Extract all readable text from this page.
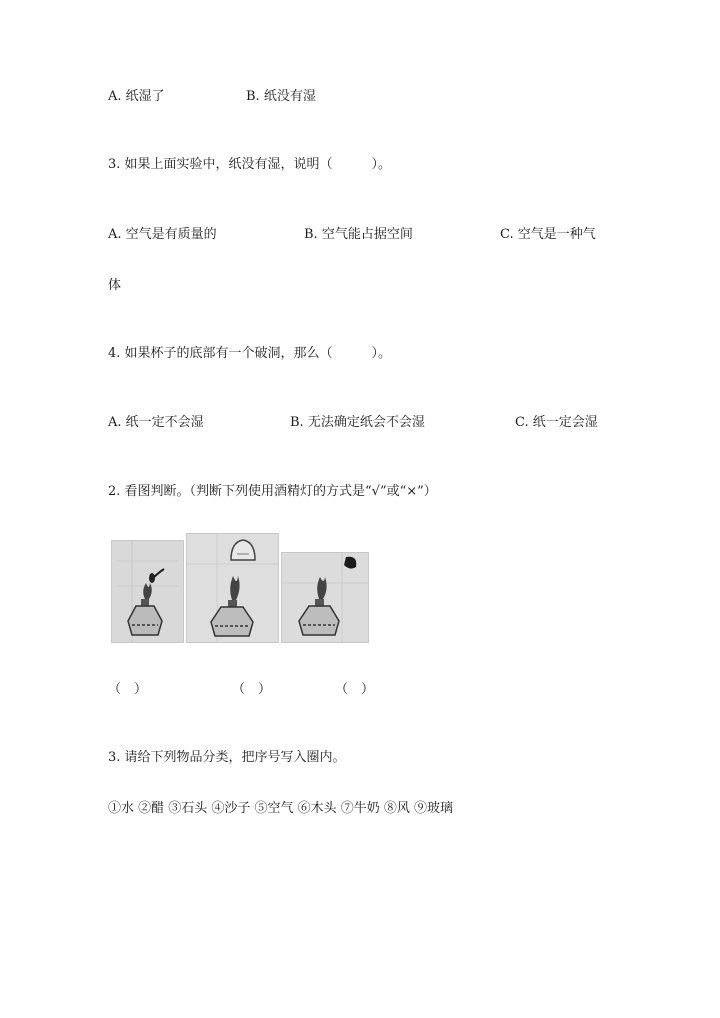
A. 纸湿了	B. 纸没有湿
3. 如果上面实验中，纸没有湿，说明（　　　）。
A. 空气是有质量的	B. 空气能占据空间	C. 空气是一种气
体
4. 如果杯子的底部有一个破洞，那么（　　　）。
A. 纸一定不会湿	B. 无法确定纸会不会湿	C. 纸一定会湿
2. 看图判断。（判断下列使用酒精灯的方式是“√”或“×”）
（　）	（　）	（　）
3. 请给下列物品分类，把序号写入圈内。
①水 ②醋 ③石头 ④沙子 ⑤空气 ⑥木头 ⑦牛奶 ⑧风 ⑨玻璃
